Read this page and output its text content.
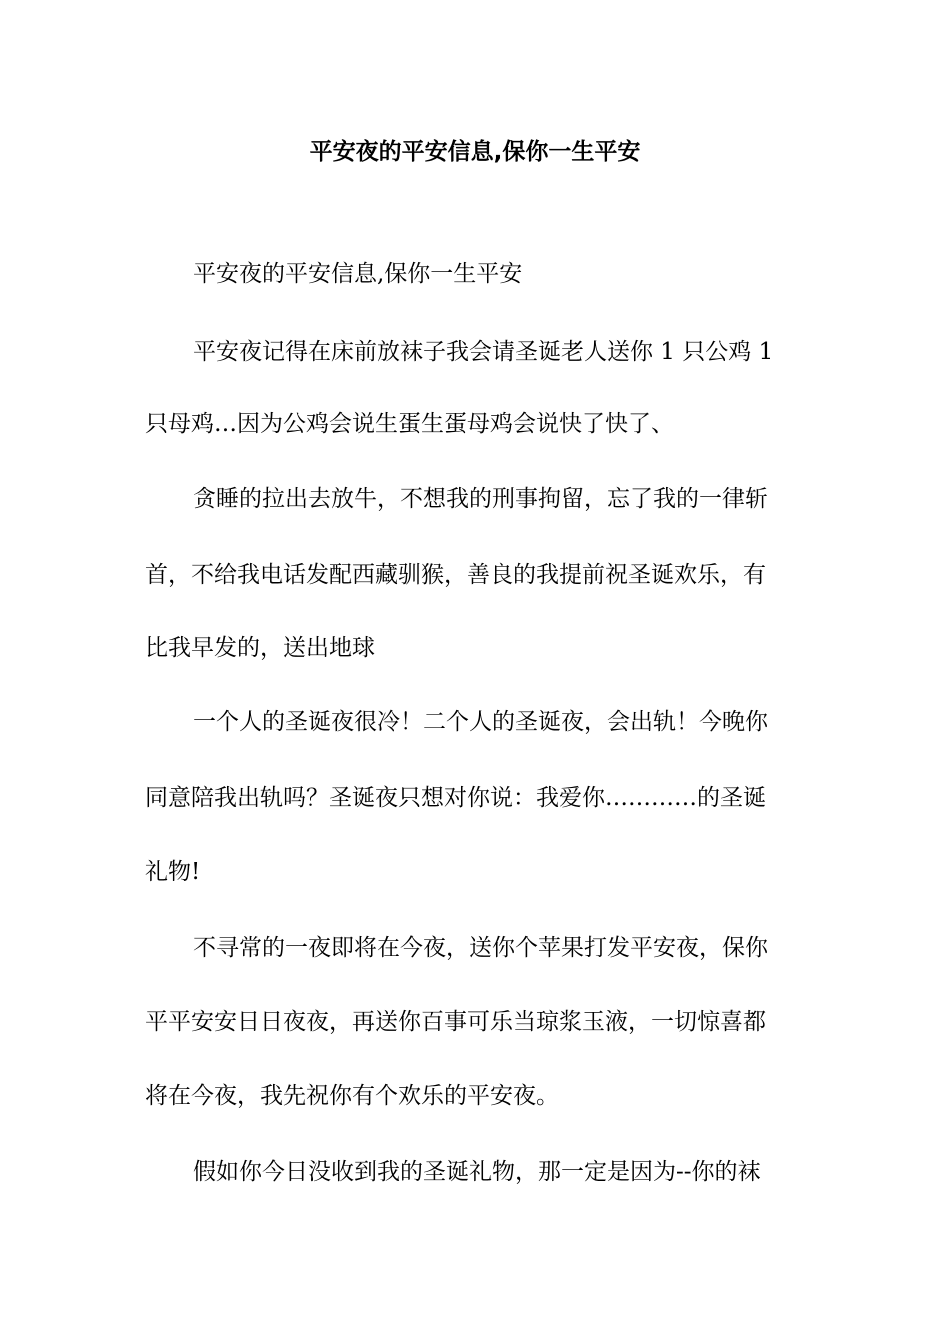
平安夜的平安信息,保你一生平安
平安夜的平安信息,保你一生平安
平安夜记得在床前放袜子我会请圣诞老人送你 1 只公鸡 1
只母鸡…因为公鸡会说生蛋生蛋母鸡会说快了快了、
贪睡的拉出去放牛，不想我的刑事拘留，忘了我的一律斩
首，不给我电话发配西藏驯猴，善良的我提前祝圣诞欢乐，有
比我早发的，送出地球
一个人的圣诞夜很冷！二个人的圣诞夜，会出轨！今晚你
同意陪我出轨吗？圣诞夜只想对你说：我爱你…………的圣诞
礼物!
不寻常的一夜即将在今夜，送你个苹果打发平安夜，保你
平平安安日日夜夜，再送你百事可乐当琼浆玉液，一切惊喜都
将在今夜，我先祝你有个欢乐的平安夜。
假如你今日没收到我的圣诞礼物，那一定是因为--你的袜
